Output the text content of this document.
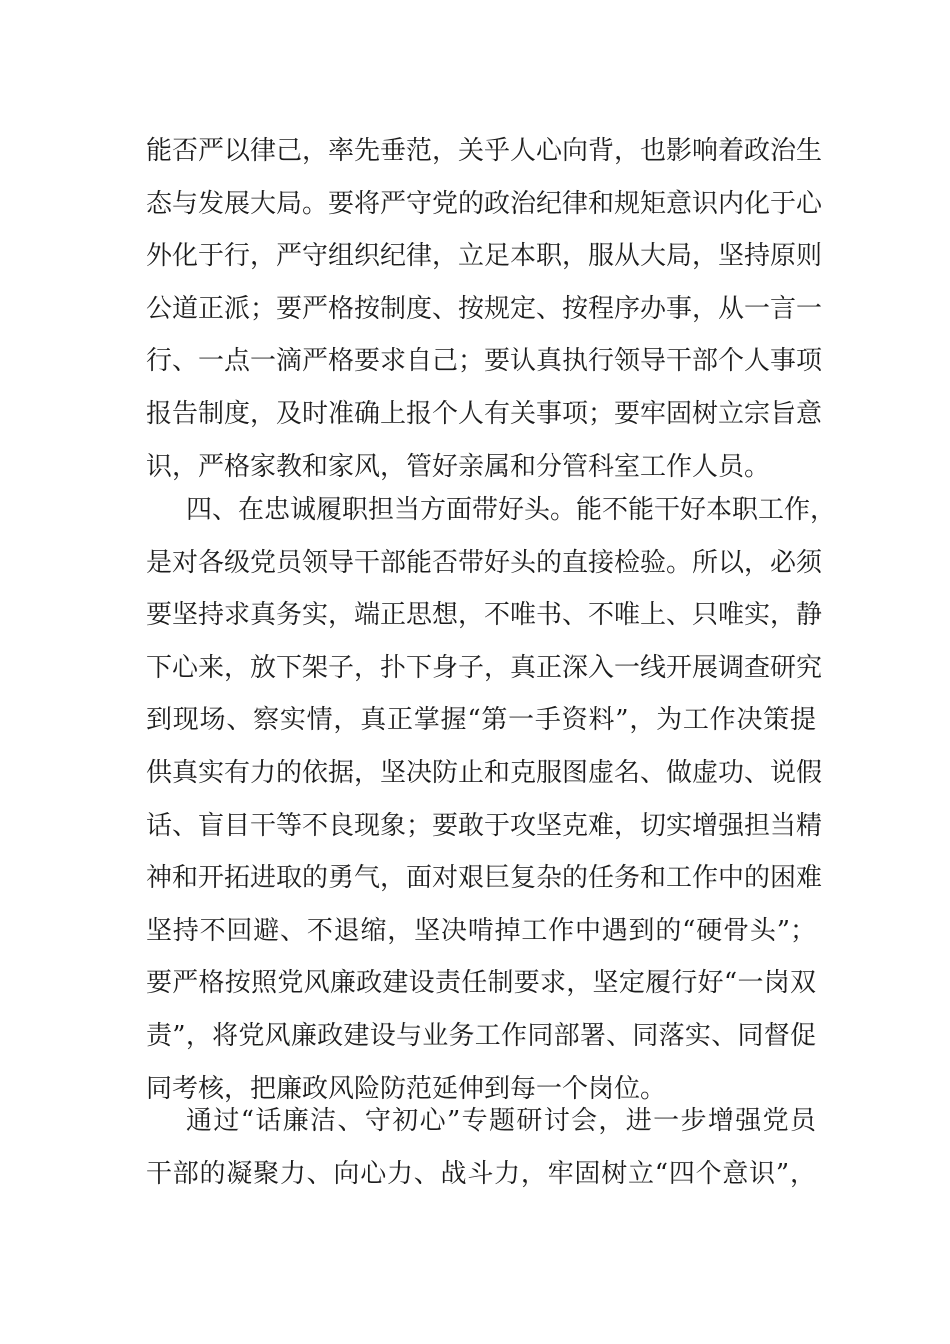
能否严以律己，率先垂范，关乎人心向背，也影响着政治生
态与发展大局。要将严守党的政治纪律和规矩意识内化于心
外化于行，严守组织纪律，立足本职，服从大局，坚持原则
公道正派；要严格按制度、按规定、按程序办事，从一言一
行、一点一滴严格要求自己；要认真执行领导干部个人事项
报告制度，及时准确上报个人有关事项；要牢固树立宗旨意
识，严格家教和家风，管好亲属和分管科室工作人员。
四、在忠诚履职担当方面带好头。能不能干好本职工作，
是对各级党员领导干部能否带好头的直接检验。所以，必须
要坚持求真务实，端正思想，不唯书、不唯上、只唯实，静
下心来，放下架子，扑下身子，真正深入一线开展调查研究
到现场、察实情，真正掌握“第一手资料”，为工作决策提
供真实有力的依据，坚决防止和克服图虚名、做虚功、说假
话、盲目干等不良现象；要敢于攻坚克难，切实增强担当精
神和开拓进取的勇气，面对艰巨复杂的任务和工作中的困难
坚持不回避、不退缩，坚决啃掉工作中遇到的“硬骨头”；
要严格按照党风廉政建设责任制要求，坚定履行好“一岗双
责”，将党风廉政建设与业务工作同部署、同落实、同督促
同考核，把廉政风险防范延伸到每一个岗位。
通过“话廉洁、守初心”专题研讨会，进一步增强党员
干部的凝聚力、向心力、战斗力，牢固树立“四个意识”，
